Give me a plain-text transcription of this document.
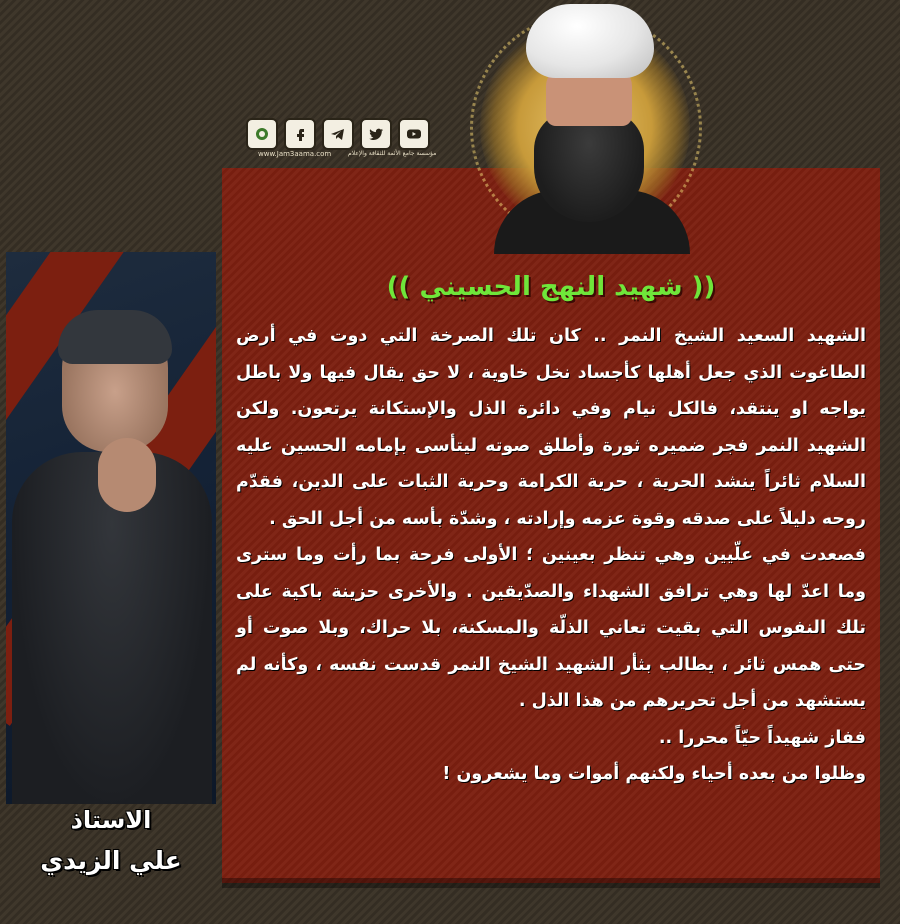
www.Jam3aama.com	مؤسسة جامع الأئمة للثقافة والإعلام
الاستاذ
علي الزيدي
(( شهيد النهج الحسيني ))

الشهيد السعيد الشيخ النمر .. كان تلك الصرخة التي دوت في أرض الطاغوت الذي جعل أهلها كأجساد نخل خاوية ، لا حق يقال فيها ولا باطل يواجه او ينتقد، فالكل نيام وفي دائرة الذل والإستكانة يرتعون. ولكن الشهيد النمر فجر ضميره ثورة وأطلق صوته ليتأسى بإمامه الحسين عليه السلام ثائراً ينشد الحرية ، حرية الكرامة وحرية الثبات على الدين، فقدّم روحه دليلاً على صدقه وقوة عزمه وإرادته ، وشدّة بأسه من أجل الحق .

فصعدت في علّيين وهي تنظر بعينين ؛ الأولى فرحة بما رأت وما سترى وما اعدّ لها وهي ترافق الشهداء والصدّيقين . والأخرى حزينة باكية على تلك النفوس التي بقيت تعاني الذلّة والمسكنة، بلا حراك، وبلا صوت أو حتى همس ثائر ، يطالب بثأر الشهيد الشيخ النمر قدست نفسه ، وكأنه لم يستشهد من أجل تحريرهم من هذا الذل .

ففاز شهيداً حيّاً محررا ..

وظلوا من بعده أحياء ولكنهم أموات وما يشعرون !
